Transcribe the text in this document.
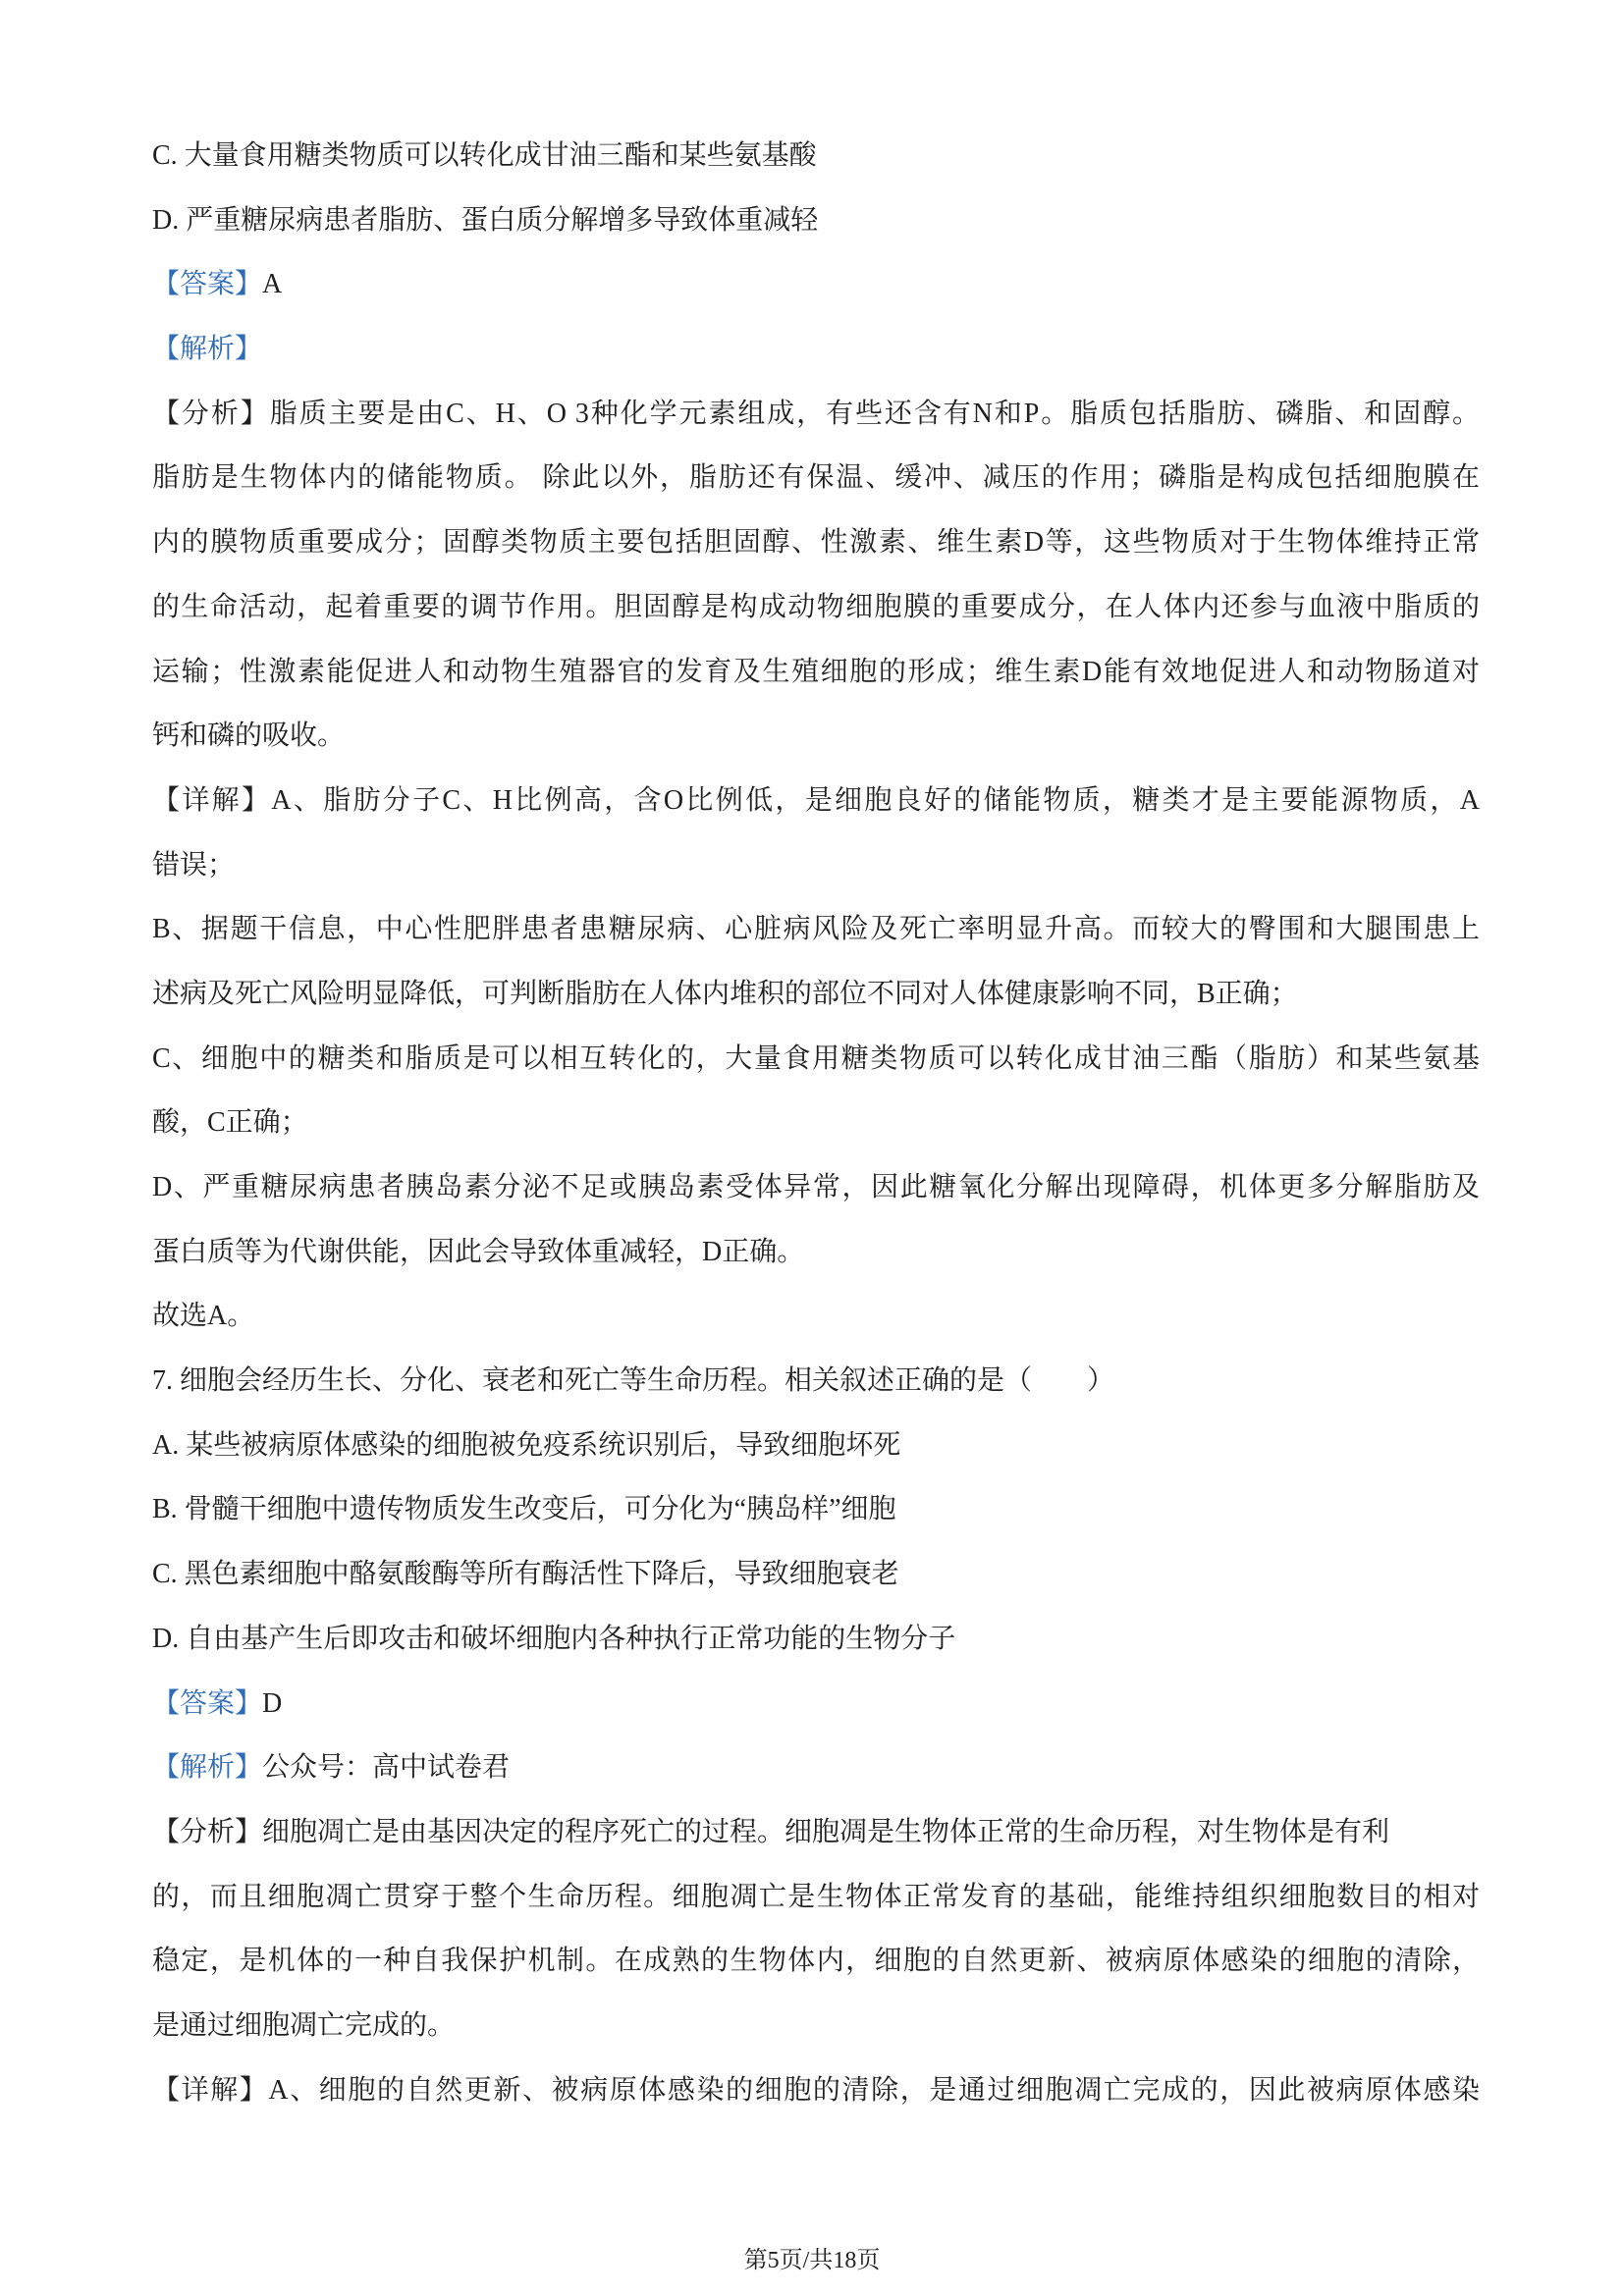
C. 大量食用糖类物质可以转化成甘油三酯和某些氨基酸
D. 严重糖尿病患者脂肪、蛋白质分解增多导致体重减轻
【答案】A
【解析】
【分析】脂质主要是由C、H、O 3种化学元素组成，有些还含有N和P。脂质包括脂肪、磷脂、和固醇。
脂肪是生物体内的储能物质。 除此以外，脂肪还有保温、缓冲、减压的作用；磷脂是构成包括细胞膜在
内的膜物质重要成分；固醇类物质主要包括胆固醇、性激素、维生素D等，这些物质对于生物体维持正常
的生命活动，起着重要的调节作用。胆固醇是构成动物细胞膜的重要成分，在人体内还参与血液中脂质的
运输；性激素能促进人和动物生殖器官的发育及生殖细胞的形成；维生素D能有效地促进人和动物肠道对
钙和磷的吸收。
【详解】A、脂肪分子C、H比例高，含O比例低，是细胞良好的储能物质，糖类才是主要能源物质，A
错误；
B、据题干信息，中心性肥胖患者患糖尿病、心脏病风险及死亡率明显升高。而较大的臀围和大腿围患上
述病及死亡风险明显降低，可判断脂肪在人体内堆积的部位不同对人体健康影响不同，B正确；
C、细胞中的糖类和脂质是可以相互转化的，大量食用糖类物质可以转化成甘油三酯（脂肪）和某些氨基
酸，C正确；
D、严重糖尿病患者胰岛素分泌不足或胰岛素受体异常，因此糖氧化分解出现障碍，机体更多分解脂肪及
蛋白质等为代谢供能，因此会导致体重减轻，D正确。
故选A。
7. 细胞会经历生长、分化、衰老和死亡等生命历程。相关叙述正确的是（　　）
A. 某些被病原体感染的细胞被免疫系统识别后，导致细胞坏死
B. 骨髓干细胞中遗传物质发生改变后，可分化为“胰岛样”细胞
C. 黑色素细胞中酪氨酸酶等所有酶活性下降后，导致细胞衰老
D. 自由基产生后即攻击和破坏细胞内各种执行正常功能的生物分子
【答案】D
【解析】公众号：高中试卷君
【分析】细胞凋亡是由基因决定的程序死亡的过程。细胞凋是生物体正常的生命历程，对生物体是有利
的，而且细胞凋亡贯穿于整个生命历程。细胞凋亡是生物体正常发育的基础，能维持组织细胞数目的相对
稳定，是机体的一种自我保护机制。在成熟的生物体内，细胞的自然更新、被病原体感染的细胞的清除，
是通过细胞凋亡完成的。
【详解】A、细胞的自然更新、被病原体感染的细胞的清除，是通过细胞凋亡完成的，因此被病原体感染
第5页/共18页
